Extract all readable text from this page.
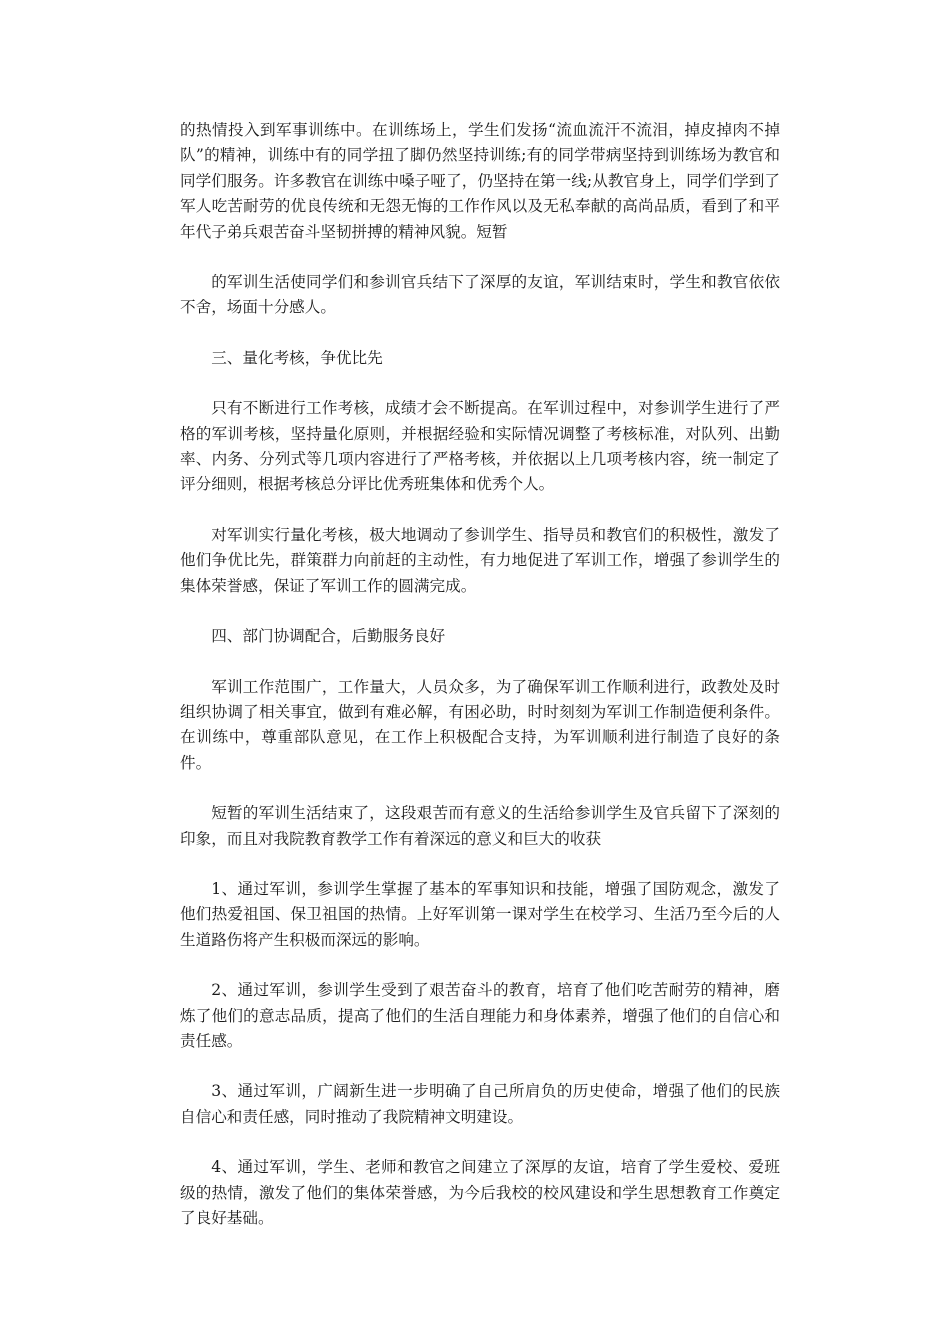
的热情投入到军事训练中。在训练场上，学生们发扬“流血流汗不流泪，掉皮掉肉不掉队”的精神，训练中有的同学扭了脚仍然坚持训练;有的同学带病坚持到训练场为教官和同学们服务。许多教官在训练中嗓子哑了，仍坚持在第一线;从教官身上，同学们学到了军人吃苦耐劳的优良传统和无怨无悔的工作作风以及无私奉献的高尚品质，看到了和平年代子弟兵艰苦奋斗坚韧拼搏的精神风貌。短暂

的军训生活使同学们和参训官兵结下了深厚的友谊，军训结束时，学生和教官依依不舍，场面十分感人。

三、量化考核，争优比先

只有不断进行工作考核，成绩才会不断提高。在军训过程中，对参训学生进行了严格的军训考核，坚持量化原则，并根据经验和实际情况调整了考核标准，对队列、出勤率、内务、分列式等几项内容进行了严格考核，并依据以上几项考核内容，统一制定了评分细则，根据考核总分评比优秀班集体和优秀个人。

对军训实行量化考核，极大地调动了参训学生、指导员和教官们的积极性，激发了他们争优比先，群策群力向前赶的主动性，有力地促进了军训工作，增强了参训学生的集体荣誉感，保证了军训工作的圆满完成。

四、部门协调配合，后勤服务良好

军训工作范围广，工作量大，人员众多，为了确保军训工作顺利进行，政教处及时组织协调了相关事宜，做到有难必解，有困必助，时时刻刻为军训工作制造便利条件。在训练中，尊重部队意见，在工作上积极配合支持，为军训顺利进行制造了良好的条件。

短暂的军训生活结束了，这段艰苦而有意义的生活给参训学生及官兵留下了深刻的印象，而且对我院教育教学工作有着深远的意义和巨大的收获

1、通过军训，参训学生掌握了基本的军事知识和技能，增强了国防观念，激发了他们热爱祖国、保卫祖国的热情。上好军训第一课对学生在校学习、生活乃至今后的人生道路伤将产生积极而深远的影响。

2、通过军训，参训学生受到了艰苦奋斗的教育，培育了他们吃苦耐劳的精神，磨炼了他们的意志品质，提高了他们的生活自理能力和身体素养，增强了他们的自信心和责任感。

3、通过军训，广阔新生进一步明确了自己所肩负的历史使命，增强了他们的民族自信心和责任感，同时推动了我院精神文明建设。

4、通过军训，学生、老师和教官之间建立了深厚的友谊，培育了学生爱校、爱班级的热情，激发了他们的集体荣誉感，为今后我校的校风建设和学生思想教育工作奠定了良好基础。
